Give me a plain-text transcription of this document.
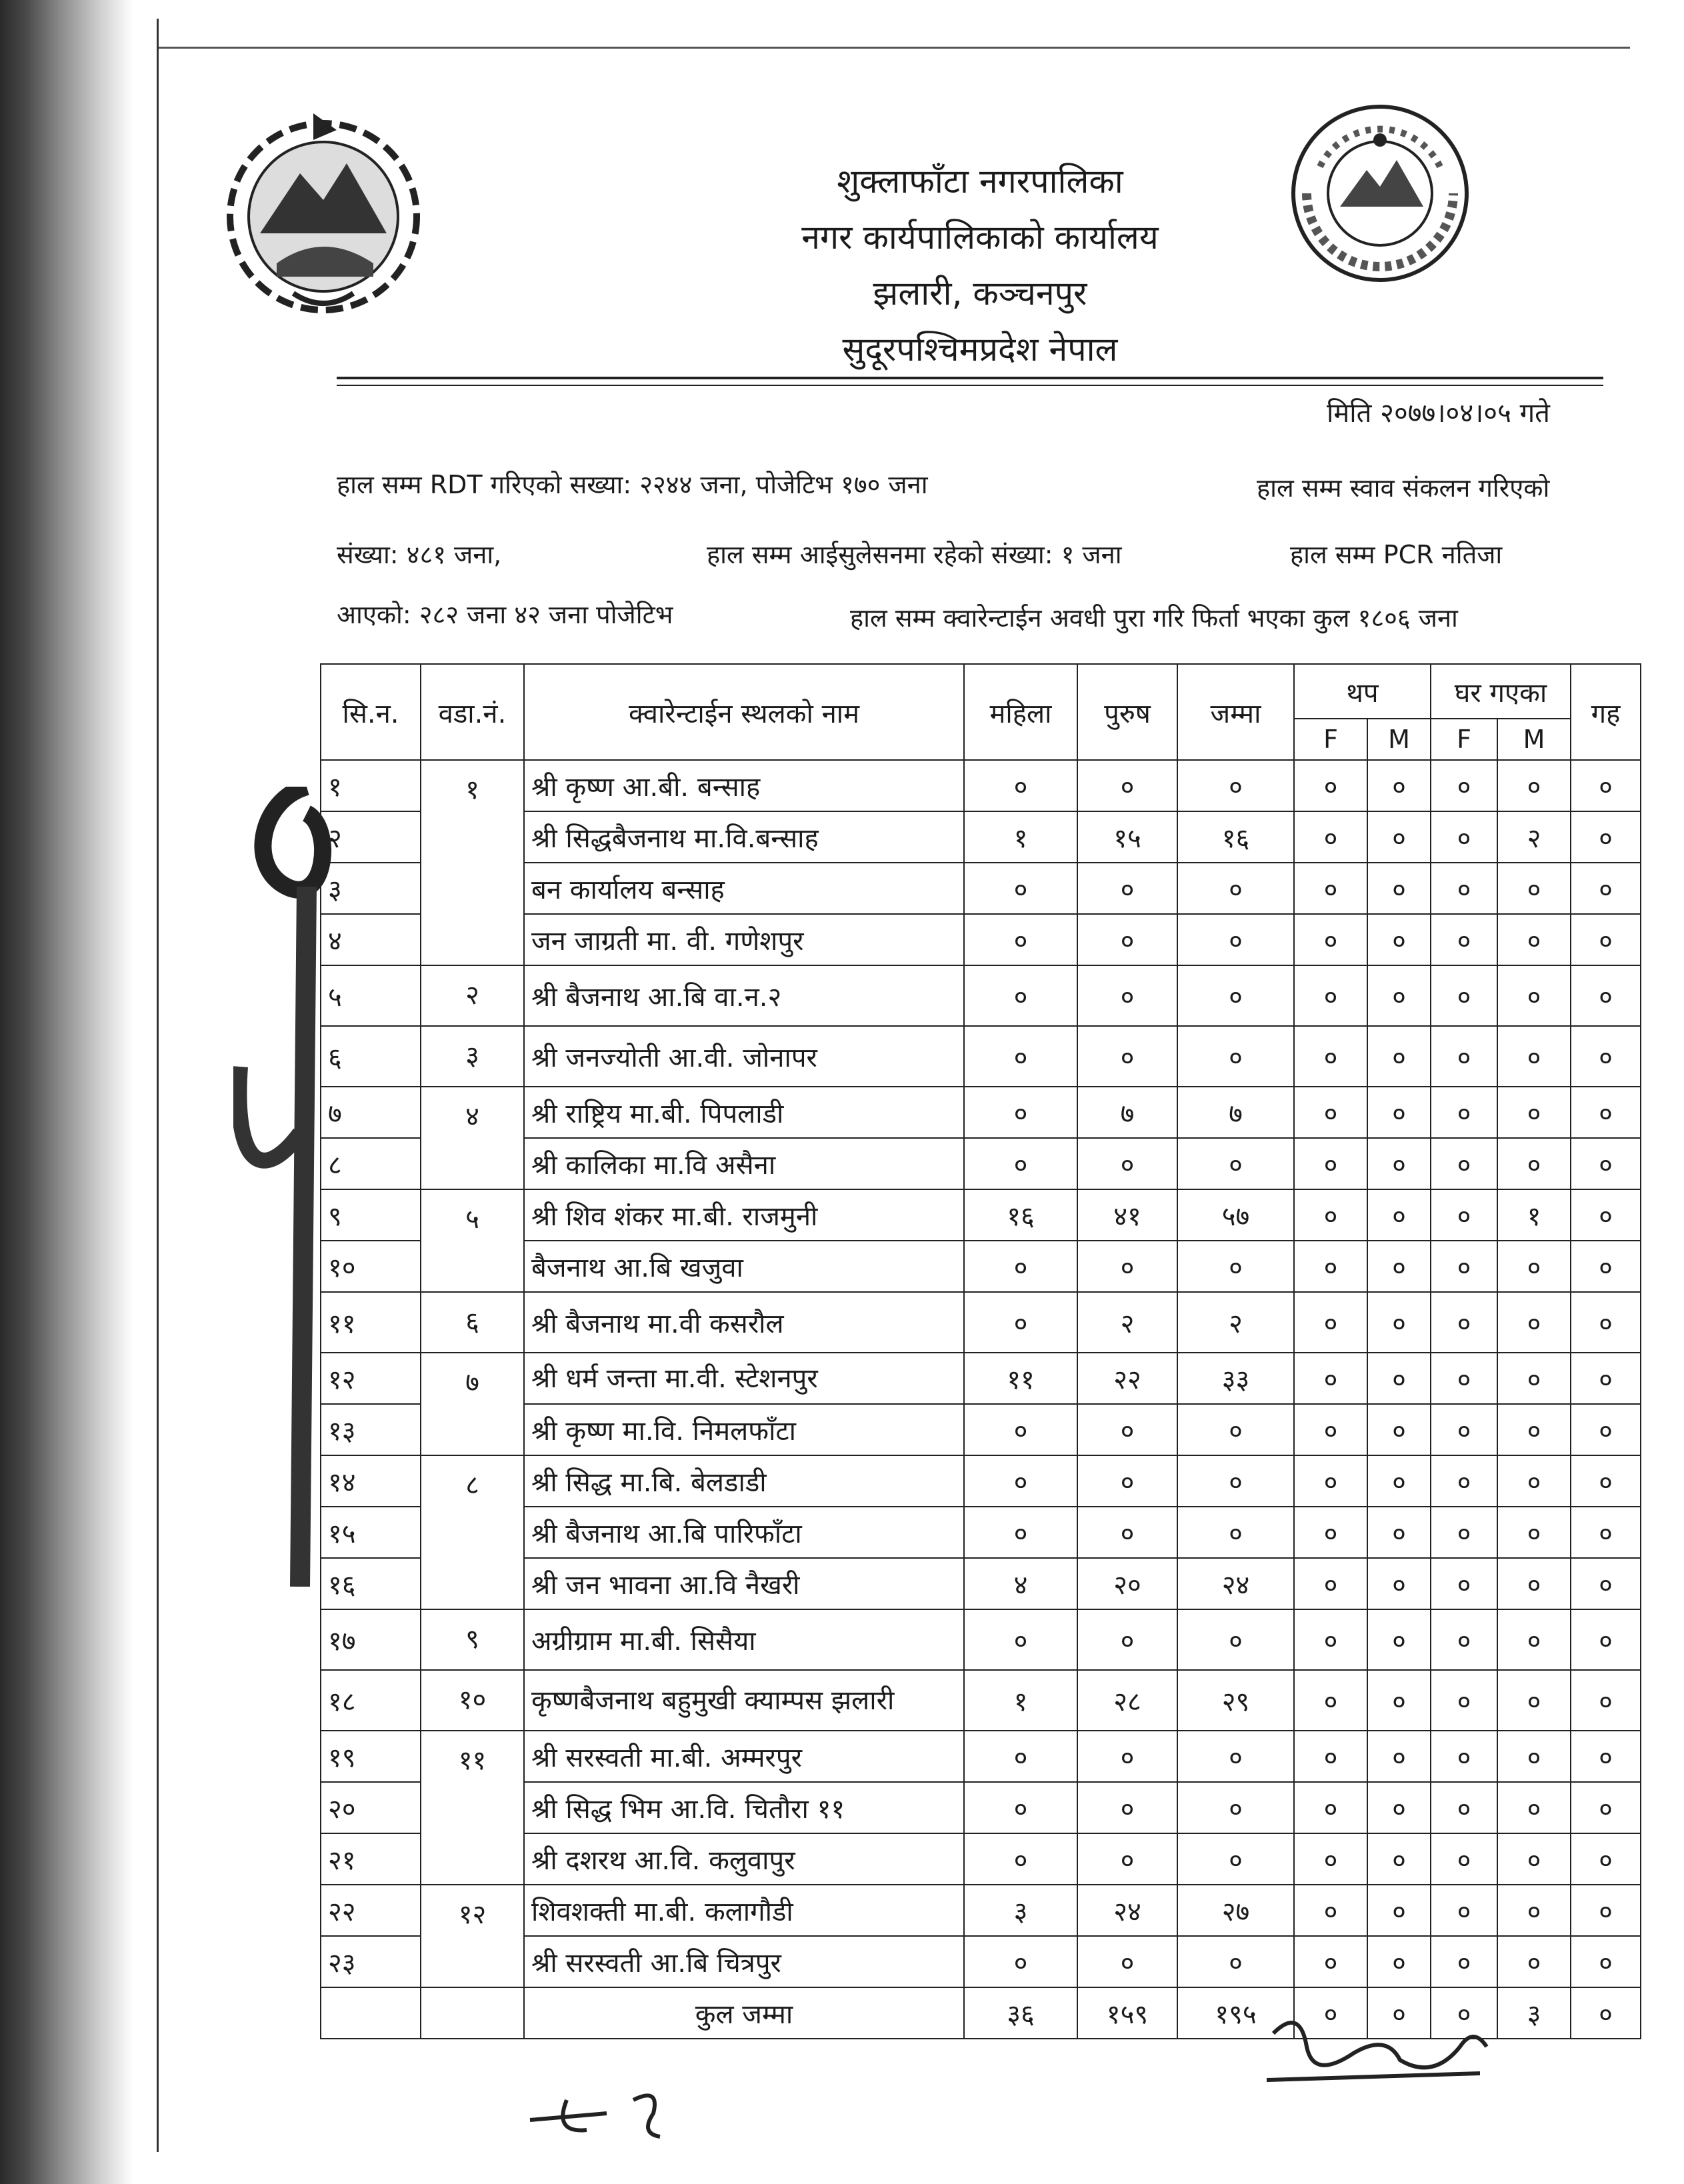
शुक्लाफाँटा नगरपालिका
नगर कार्यपालिकाको कार्यालय
झलारी, कञ्चनपुर
सुदूरपश्चिमप्रदेश नेपाल
मिति २०७७।०४।०५ गते
हाल सम्म RDT गरिएको सख्या: २२४४ जना, पोजेटिभ १७० जना	हाल सम्म स्वाव संकलन गरिएको
संख्या: ४८१ जना,	हाल सम्म आईसुलेसनमा रहेको संख्या: १ जना	हाल सम्म PCR नतिजा
आएको: २८२ जना ४२ जना पोजेटिभ	हाल सम्म क्वारेन्टाईन अवधी पुरा गरि फिर्ता भएका कुल १८०६ जना
सि.न.	वडा.नं.	क्वारेन्टाईन स्थलको नाम	महिला	पुरुष	जम्मा	थप		घर गएका		गह
						F	M	F	M	
१	१	श्री कृष्ण आ.बी. बन्साह	०	०	०	०	०	०	०	०
२		श्री सिद्धबैजनाथ मा.वि.बन्साह	१	१५	१६	०	०	०	२	०
३		बन कार्यालय बन्साह	०	०	०	०	०	०	०	०
४		जन जाग्रती मा. वी. गणेशपुर	०	०	०	०	०	०	०	०
५	२	श्री बैजनाथ आ.बि वा.न.२	०	०	०	०	०	०	०	०
६	३	श्री जनज्योती आ.वी. जोनापर	०	०	०	०	०	०	०	०
७	४	श्री राष्ट्रिय मा.बी. पिपलाडी	०	७	७	०	०	०	०	०
८		श्री कालिका मा.वि असैना	०	०	०	०	०	०	०	०
९	५	श्री शिव शंकर मा.बी. राजमुनी	१६	४१	५७	०	०	०	१	०
१०		बैजनाथ आ.बि खजुवा	०	०	०	०	०	०	०	०
११	६	श्री बैजनाथ मा.वी कसरौल	०	२	२	०	०	०	०	०
१२	७	श्री धर्म जन्ता मा.वी. स्टेशनपुर	११	२२	३३	०	०	०	०	०
१३		श्री कृष्ण मा.वि. निमलफाँटा	०	०	०	०	०	०	०	०
१४	८	श्री सिद्ध मा.बि. बेलडाडी	०	०	०	०	०	०	०	०
१५		श्री बैजनाथ आ.बि पारिफाँटा	०	०	०	०	०	०	०	०
१६		श्री जन भावना आ.वि नैखरी	४	२०	२४	०	०	०	०	०
१७	९	अग्रीग्राम मा.बी. सिसैया	०	०	०	०	०	०	०	०
१८	१०	कृष्णबैजनाथ बहुमुखी क्याम्पस झलारी	१	२८	२९	०	०	०	०	०
१९	११	श्री सरस्वती मा.बी. अम्मरपुर	०	०	०	०	०	०	०	०
२०		श्री सिद्ध भिम आ.वि. चितौरा ११	०	०	०	०	०	०	०	०
२१		श्री दशरथ आ.वि. कलुवापुर	०	०	०	०	०	०	०	०
२२	१२	शिवशक्ती मा.बी. कलागौडी	३	२४	२७	०	०	०	०	०
२३		श्री सरस्वती आ.बि चित्रपुर	०	०	०	०	०	०	०	०
		कुल जम्मा	३६	१५९	१९५	०	०	०	३	०
